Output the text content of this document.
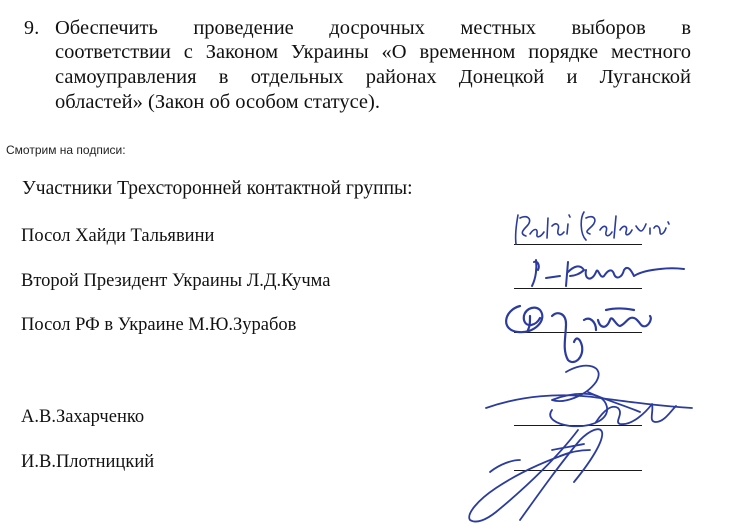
9. Обеспечить проведение досрочных местных выборов в
соответствии с Законом Украины «О временном порядке местного
самоуправления в отдельных районах Донецкой и Луганской
областей» (Закон об особом статусе).
Смотрим на подписи:
Участники Трехсторонней контактной группы:
Посол Хайди Тальявини
Второй Президент Украины Л.Д.Кучма
Посол РФ в Украине М.Ю.Зурабов
А.В.Захарченко
И.В.Плотницкий
